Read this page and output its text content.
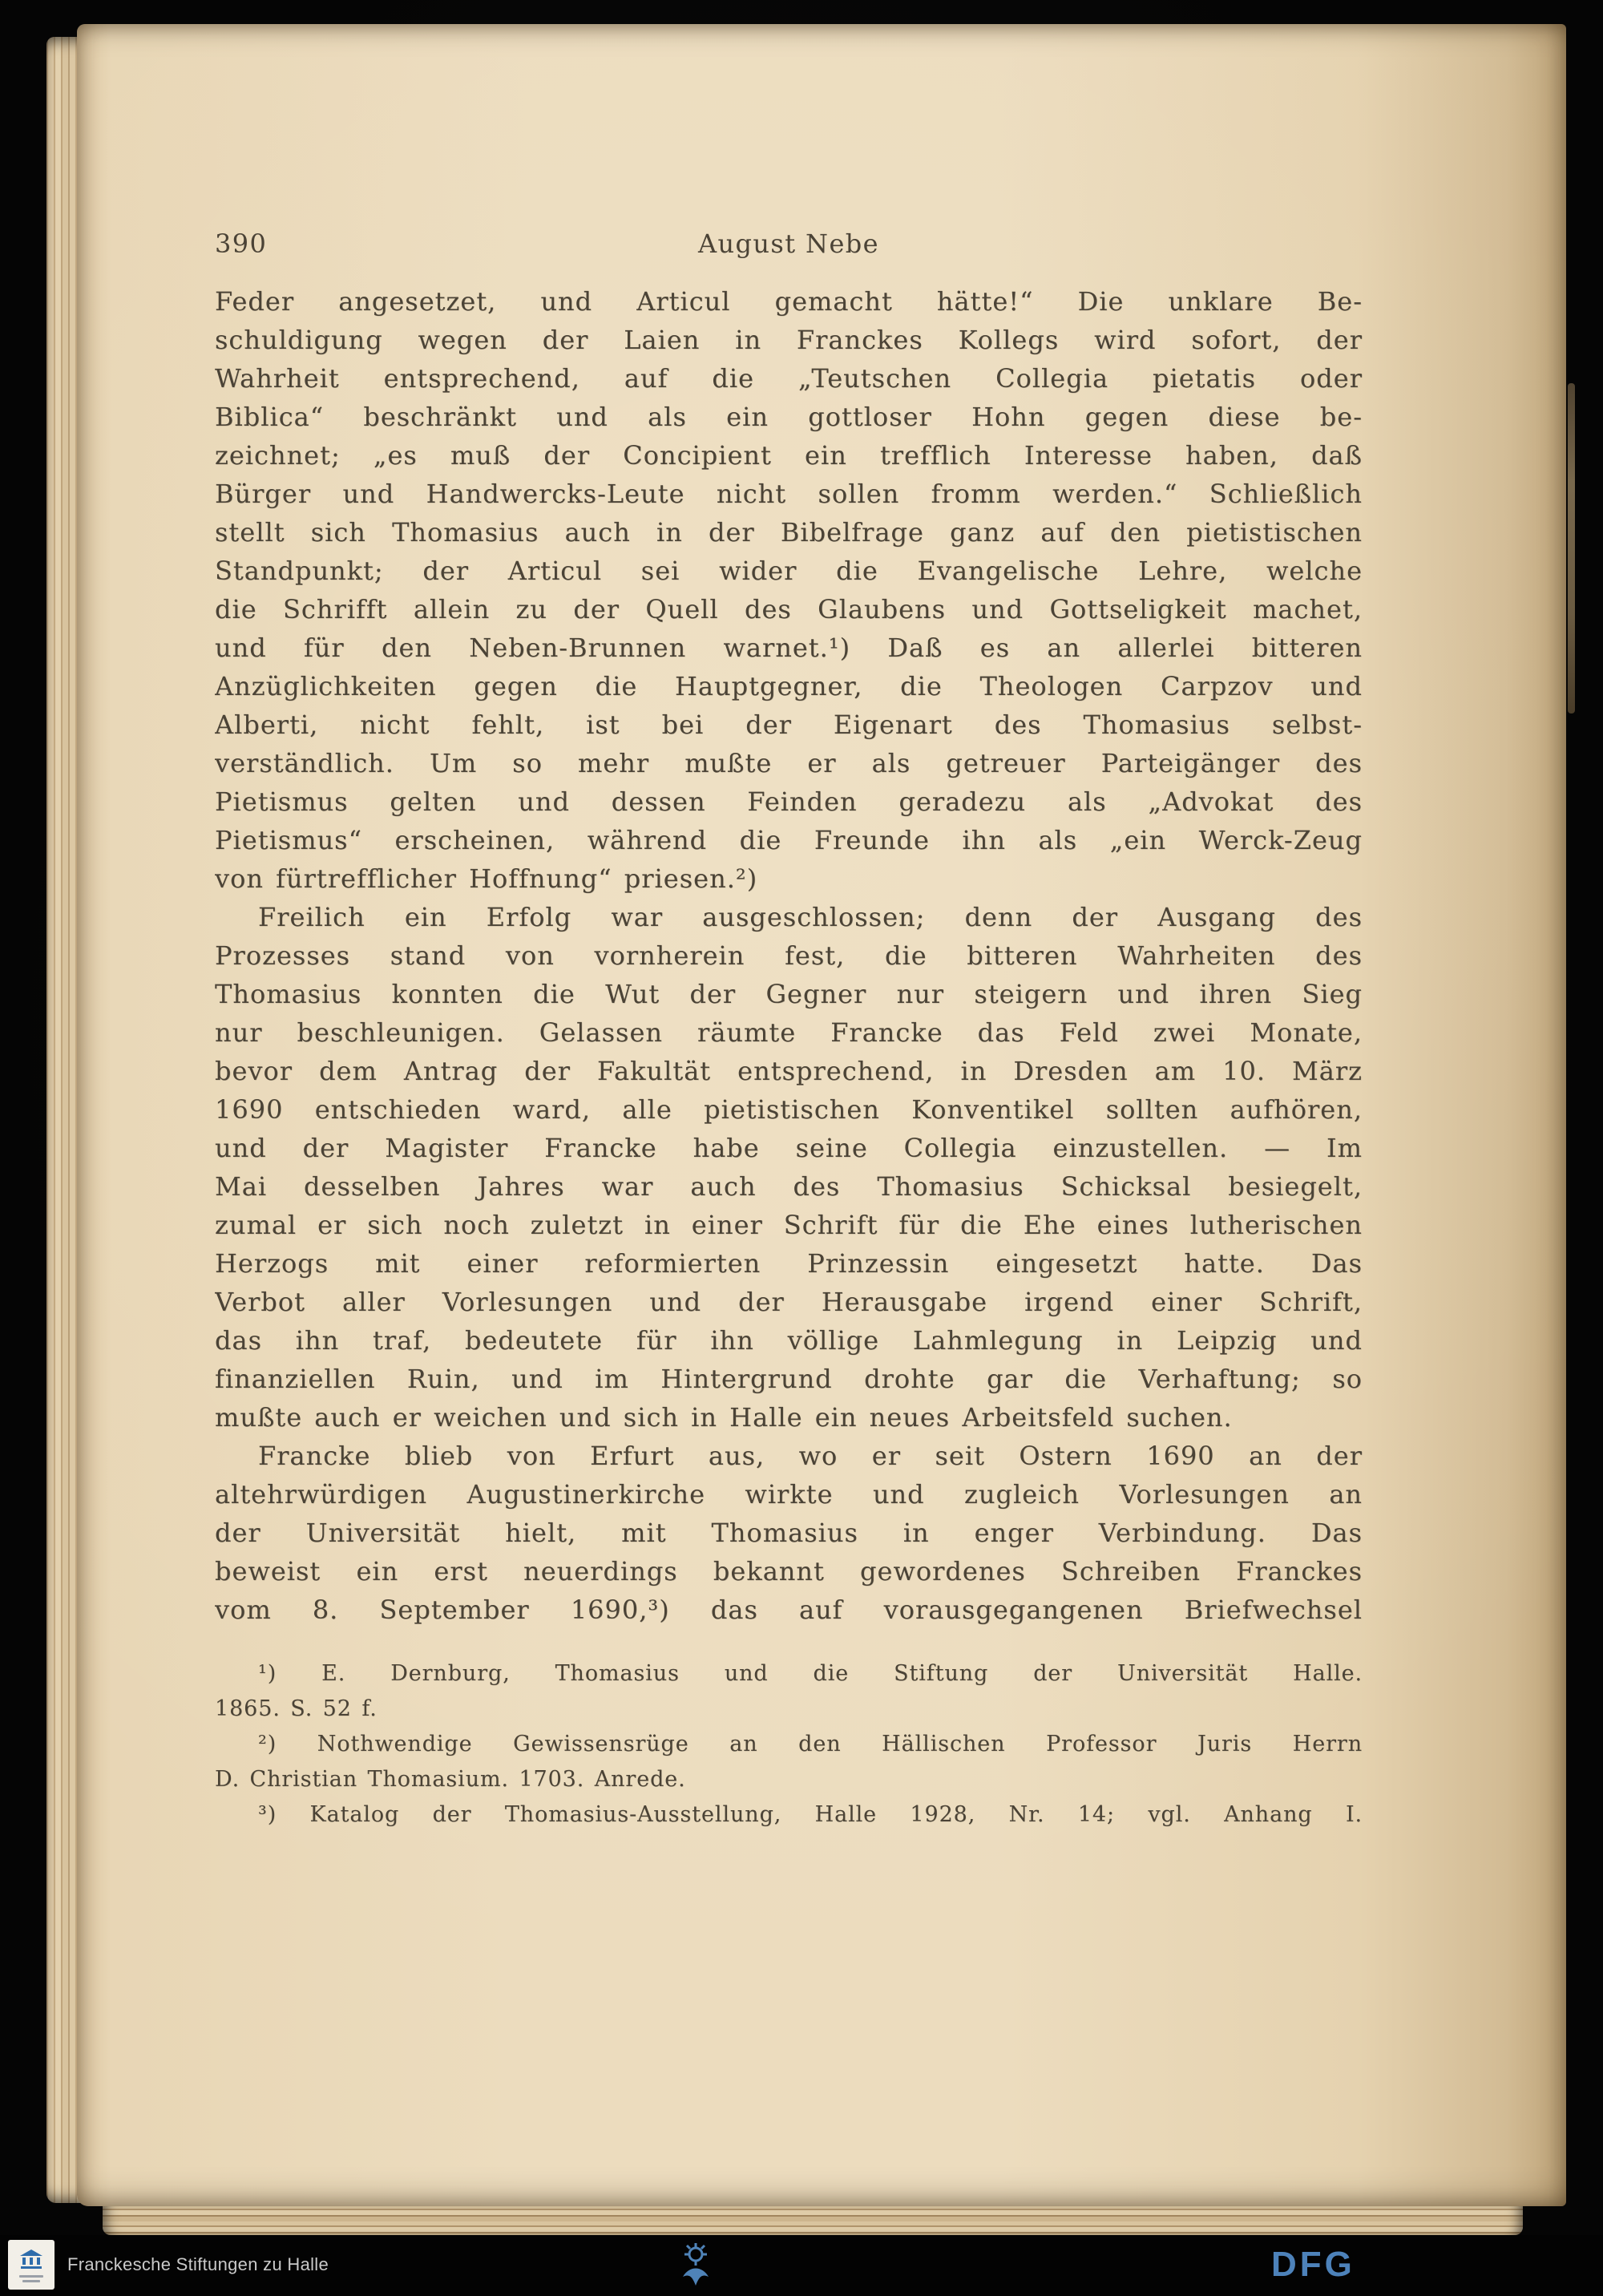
390	August Nebe
Feder angesetzet, und Articul gemacht hätte!“ Die unklare Be-
schuldigung wegen der Laien in Franckes Kollegs wird sofort, der
Wahrheit entsprechend, auf die „Teutschen Collegia pietatis oder
Biblica“ beschränkt und als ein gottloser Hohn gegen diese be-
zeichnet; „es muß der Concipient ein trefflich Interesse haben, daß
Bürger und Handwercks-Leute nicht sollen fromm werden.“ Schließlich
stellt sich Thomasius auch in der Bibelfrage ganz auf den pietistischen
Standpunkt; der Articul sei wider die Evangelische Lehre, welche
die Schrifft allein zu der Quell des Glaubens und Gottseligkeit machet,
und für den Neben-Brunnen warnet.¹) Daß es an allerlei bitteren
Anzüglichkeiten gegen die Hauptgegner, die Theologen Carpzov und
Alberti, nicht fehlt, ist bei der Eigenart des Thomasius selbst-
verständlich. Um so mehr mußte er als getreuer Parteigänger des
Pietismus gelten und dessen Feinden geradezu als „Advokat des
Pietismus“ erscheinen, während die Freunde ihn als „ein Werck-Zeug
von fürtrefflicher Hoffnung“ priesen.²)
Freilich ein Erfolg war ausgeschlossen; denn der Ausgang des
Prozesses stand von vornherein fest, die bitteren Wahrheiten des
Thomasius konnten die Wut der Gegner nur steigern und ihren Sieg
nur beschleunigen. Gelassen räumte Francke das Feld zwei Monate,
bevor dem Antrag der Fakultät entsprechend, in Dresden am 10. März
1690 entschieden ward, alle pietistischen Konventikel sollten aufhören,
und der Magister Francke habe seine Collegia einzustellen. — Im
Mai desselben Jahres war auch des Thomasius Schicksal besiegelt,
zumal er sich noch zuletzt in einer Schrift für die Ehe eines lutherischen
Herzogs mit einer reformierten Prinzessin eingesetzt hatte. Das
Verbot aller Vorlesungen und der Herausgabe irgend einer Schrift,
das ihn traf, bedeutete für ihn völlige Lahmlegung in Leipzig und
finanziellen Ruin, und im Hintergrund drohte gar die Verhaftung; so
mußte auch er weichen und sich in Halle ein neues Arbeitsfeld suchen.
Francke blieb von Erfurt aus, wo er seit Ostern 1690 an der
altehrwürdigen Augustinerkirche wirkte und zugleich Vorlesungen an
der Universität hielt, mit Thomasius in enger Verbindung. Das
beweist ein erst neuerdings bekannt gewordenes Schreiben Franckes
vom 8. September 1690,³) das auf vorausgegangenen Briefwechsel
¹) E. Dernburg, Thomasius und die Stiftung der Universität Halle.
1865. S. 52 f.
²) Nothwendige Gewissensrüge an den Hällischen Professor Juris Herrn
D. Christian Thomasium. 1703. Anrede.
³) Katalog der Thomasius-Ausstellung, Halle 1928, Nr. 14; vgl. Anhang I.
Franckesche Stiftungen zu Halle	DFG
